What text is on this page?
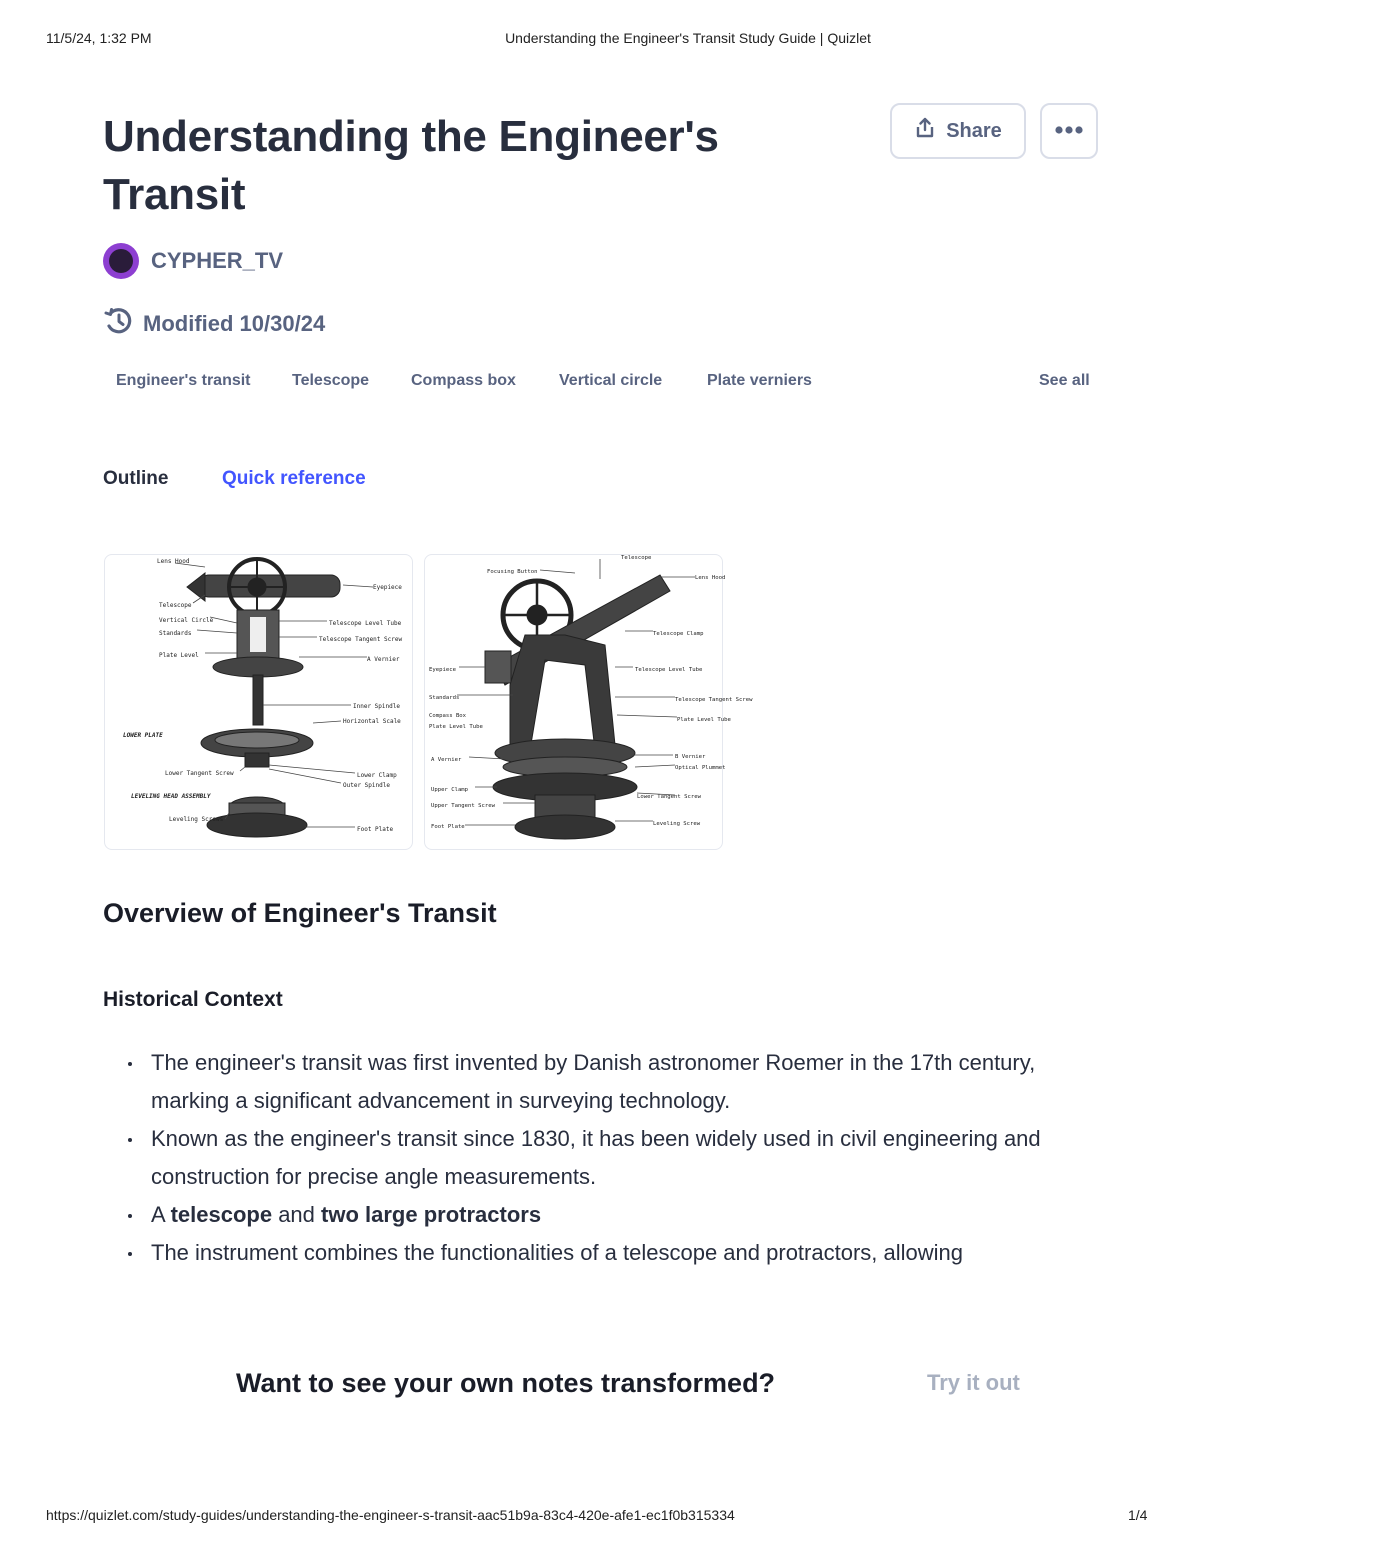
11/5/24, 1:32 PM	Understanding the Engineer's Transit Study Guide | Quizlet
Understanding the Engineer's Transit
Share
CYPHER_TV
Modified 10/30/24
Engineer's transit	Telescope	Compass box	Vertical circle	Plate verniers	See all
Outline	Quick reference
Lens Hood
Eyepiece
Telescope
Vertical Circle
Standards
Telescope Level Tube
Telescope Tangent Screw
Plate Level
A Vernier
Inner Spindle
Horizontal Scale
LOWER PLATE
Lower Tangent Screw	Lower Clamp
Outer Spindle
LEVELING HEAD ASSEMBLY
Leveling Screws
Foot Plate
Telescope
Focusing Button
Lens Hood
Telescope Clamp
Eyepiece	Telescope Level Tube
Standards
Compass Box
Plate Level Tube
Telescope Tangent Screw
Plate Level Tube
A Vernier	B Vernier
Optical Plummet
Upper Clamp
Upper Tangent Screw
Lower Tangent Screw
Foot Plate	Leveling Screw
Overview of Engineer's Transit
Historical Context
The engineer's transit was first invented by Danish astronomer Roemer in the 17th century, marking a significant advancement in surveying technology.
Known as the engineer's transit since 1830, it has been widely used in civil engineering and construction for precise angle measurements.
A telescope and two large protractors
The instrument combines the functionalities of a telescope and protractors, allowing
Want to see your own notes transformed?	Try it out
https://quizlet.com/study-guides/understanding-the-engineer-s-transit-aac51b9a-83c4-420e-afe1-ec1f0b315334	1/4
